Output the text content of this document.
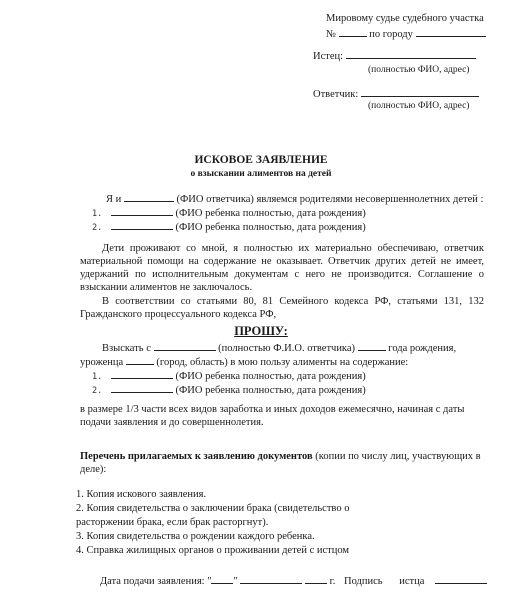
Мировому судье судебного участка
№	по городу
Истец:
(полностью ФИО, адрес)
Ответчик:
(полностью ФИО, адрес)
ИСКОВОЕ ЗАЯВЛЕНИЕ
о взыскании алиментов на детей
Я и	(ФИО ответчика) являемся родителями несовершеннолетних детей :
1.	(ФИО ребенка полностью, дата рождения)
2.	(ФИО ребенка полностью, дата рождения)
Дети проживают со мной, я полностью их материально обеспечиваю, ответчик материальной помощи на содержание не оказывает. Ответчик других детей не имеет, удержаний по исполнительным документам с него не производится. Соглашение о взыскании алиментов не заключалось.
В соответствии со статьями 80, 81 Семейного кодекса РФ, статьями 131, 132 Гражданского процессуального кодекса РФ,
ПРОШУ:
Взыскать с	(полностью Ф.И.О. ответчика)	года рождения,
уроженца	(город, область) в мою пользу алименты на содержание:
1.	(ФИО ребенка полностью, дата рождения)
2.	(ФИО ребенка полностью, дата рождения)
в размере 1/3 части всех видов заработка и иных доходов ежемесячно, начиная с даты подачи заявления и до совершеннолетия.
Перечень прилагаемых к заявлению документов (копии по числу лиц, участвующих в деле):
1. Копия искового заявления.
2. Копия свидетельства о заключении брака (свидетельство о
расторжении брака, если брак расторгнут).
3. Копия свидетельства о рождении каждого ребенка.
4. Справка жилищных органов о проживании детей с истцом
Дата подачи заявления: " "	г. Подпись истца
